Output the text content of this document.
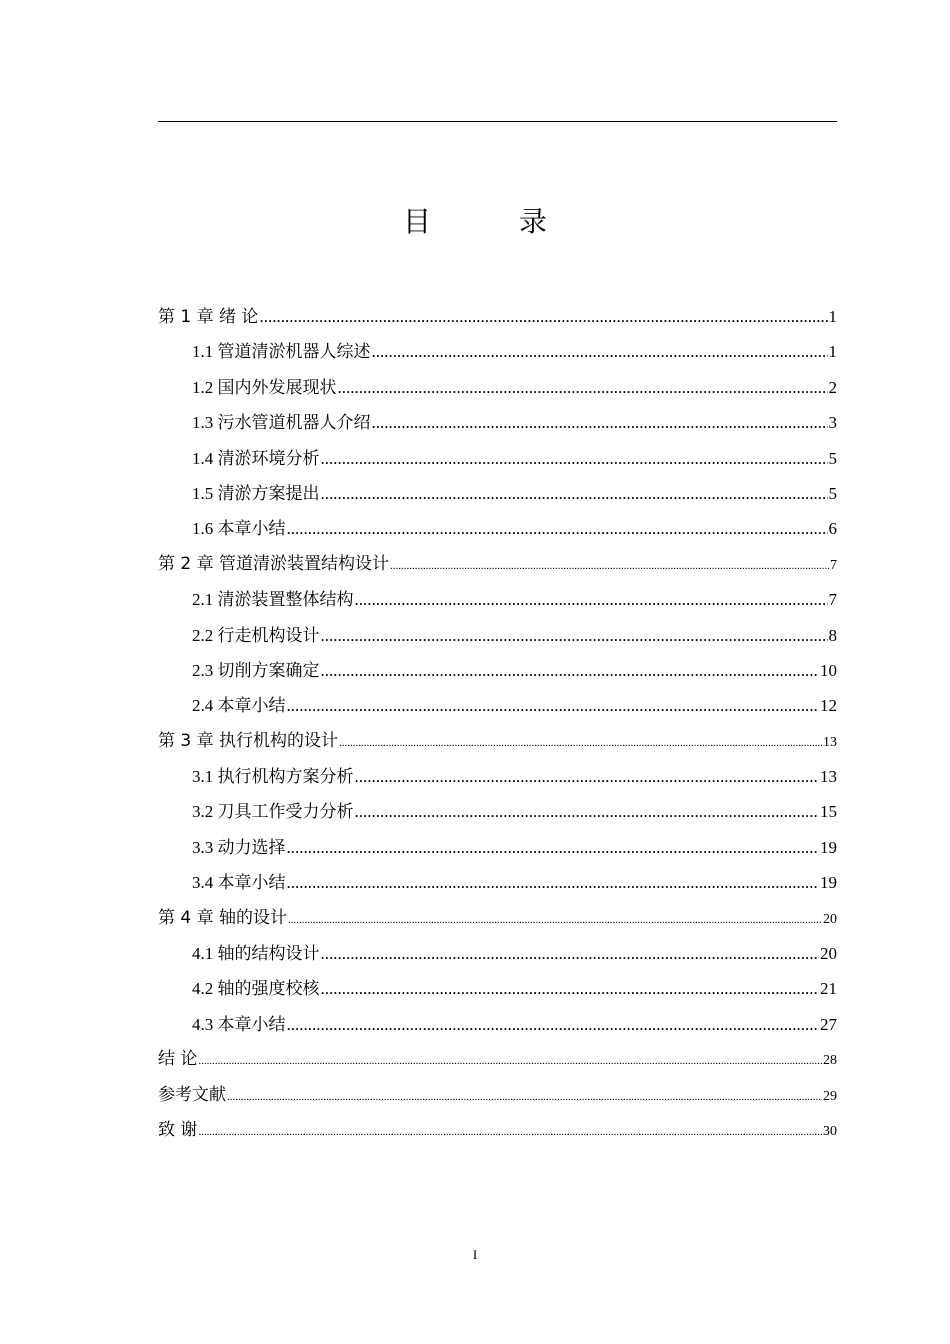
目　录
第 1 章 绪 论 .....	1
1.1 管道清淤机器人综述 .....	1
1.2 国内外发展现状 .....	2
1.3 污水管道机器人介绍 .....	3
1.4 清淤环境分析 .....	5
1.5 清淤方案提出 .....	5
1.6 本章小结 .....	6
第 2 章 管道清淤装置结构设计 .....	7
2.1 清淤装置整体结构 .....	7
2.2 行走机构设计 .....	8
2.3 切削方案确定 .....	10
2.4 本章小结 .....	12
第 3 章 执行机构的设计 .....	13
3.1 执行机构方案分析 .....	13
3.2 刀具工作受力分析 .....	15
3.3 动力选择 .....	19
3.4 本章小结 .....	19
第 4 章 轴的设计 .....	20
4.1 轴的结构设计 .....	20
4.2 轴的强度校核 .....	21
4.3 本章小结 .....	27
结 论 .....	28
参考文献 .....	29
致 谢 .....	30
I
